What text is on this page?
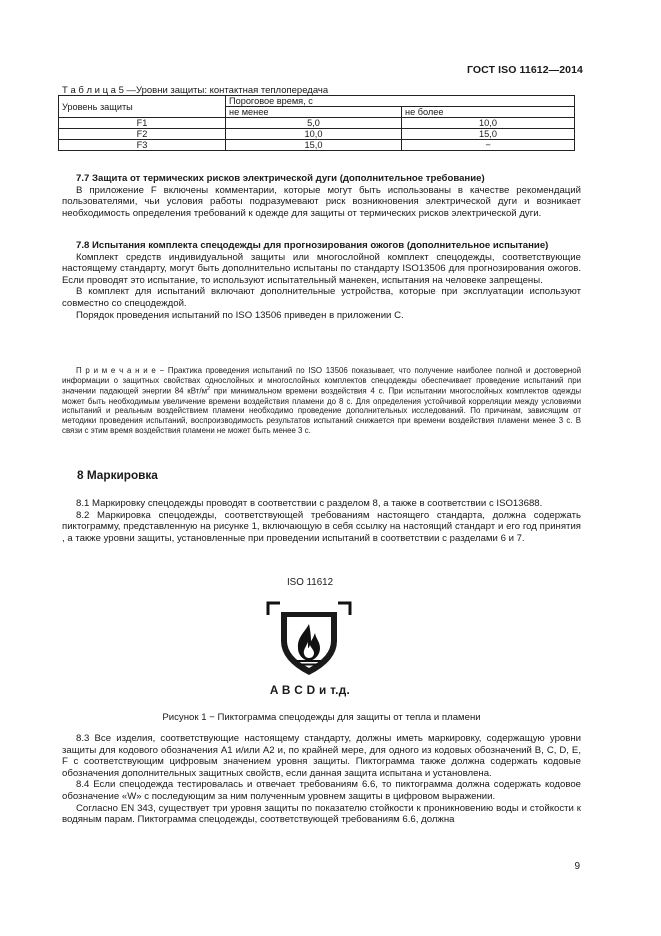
ГОСТ ISO 11612—2014
Т а б л и ц а 5 —Уровни защиты: контактная теплопередача
Уровень защиты	Пороговое время, с	
	не менее	не более
F1	5,0	10,0
F2	10,0	15,0
F3	15,0	−

7.7 Защита от термических рисков электрической дуги (дополнительное требование)

В приложение F включены комментарии, которые могут быть использованы в качестве рекомендаций пользователями, чьи условия работы подразумевают риск возникновения электрической дуги и возникает необходимость определения требований к одежде для защиты от термических рисков электрической дуги.

7.8 Испытания комплекта спецодежды для прогнозирования ожогов (дополнительное испытание)

Комплект средств индивидуальной защиты или многослойной комплект спецодежды, соответствующие настоящему стандарту, могут быть дополнительно испытаны по стандарту ISO13506 для прогнозирования ожогов. Если проводят это испытание, то используют испытательный манекен, испытания на человеке запрещены.

В комплект для испытаний включают дополнительные устройства, которые при эксплуатации используют совместно со спецодеждой.

Порядок проведения испытаний по ISO 13506 приведен в приложении С.

П р и м е ч а н и е − Практика проведения испытаний по ISO 13506 показывает, что получение наиболее полной и достоверной информации о защитных свойствах однослойных и многослойных комплектов спецодежды обеспечивает проведение испытаний при значении падающей энергии 84 кВт/$м^2$ при минимальном времени воздействия 4 с. При испытании многослойных комплектов одежды может быть необходимым увеличение времени воздействия пламени до 8 с. Для определения устойчивой корреляции между условиями испытаний и реальным воздействием пламени необходимо проведение дополнительных исследований. По причинам, зависящим от методики проведения испытаний, воспроизводимость результатов испытаний снижается при времени воздействия пламени менее 3 с. В связи с этим время воздействия пламени не может быть менее 3 с.

8 Маркировка

8.1 Маркировку спецодежды проводят в соответствии с разделом 8, а также в соответствии с ISO13688.

8.2 Маркировка спецодежды, соответствующей требованиям настоящего стандарта, должна содержать пиктограмму, представленную на рисунке 1, включающую в себя ссылку на настоящий стандарт и его год принятия , а также уровни защиты, установленные при проведении испытаний в соответствии с разделами 6 и 7.

ISO 11612
A B C D и т.д.
Рисунок 1 − Пиктограмма спецодежды для защиты от тепла и пламени

8.3 Все изделия, соответствующие настоящему стандарту, должны иметь маркировку, содержащую уровни защиты для кодового обозначения А1 и/или А2 и, по крайней мере, для одного из кодовых обозначений B, C, D, E, F с соответствующим цифровым значением уровня защиты. Пиктограмма также должна содержать кодовые обозначения дополнительных защитных свойств, если данная защита испытана и установлена.

8.4 Если спецодежда тестировалась и отвечает требованиям 6.6, то пиктограмма должна содержать кодовое обозначение «W» с последующим за ним полученным уровнем защиты в цифровом выражении.

Согласно EN 343, существует три уровня защиты по показателю стойкости к проникновению воды и стойкости к водяным парам. Пиктограмма спецодежды, соответствующей требованиям 6.6, должна

9
